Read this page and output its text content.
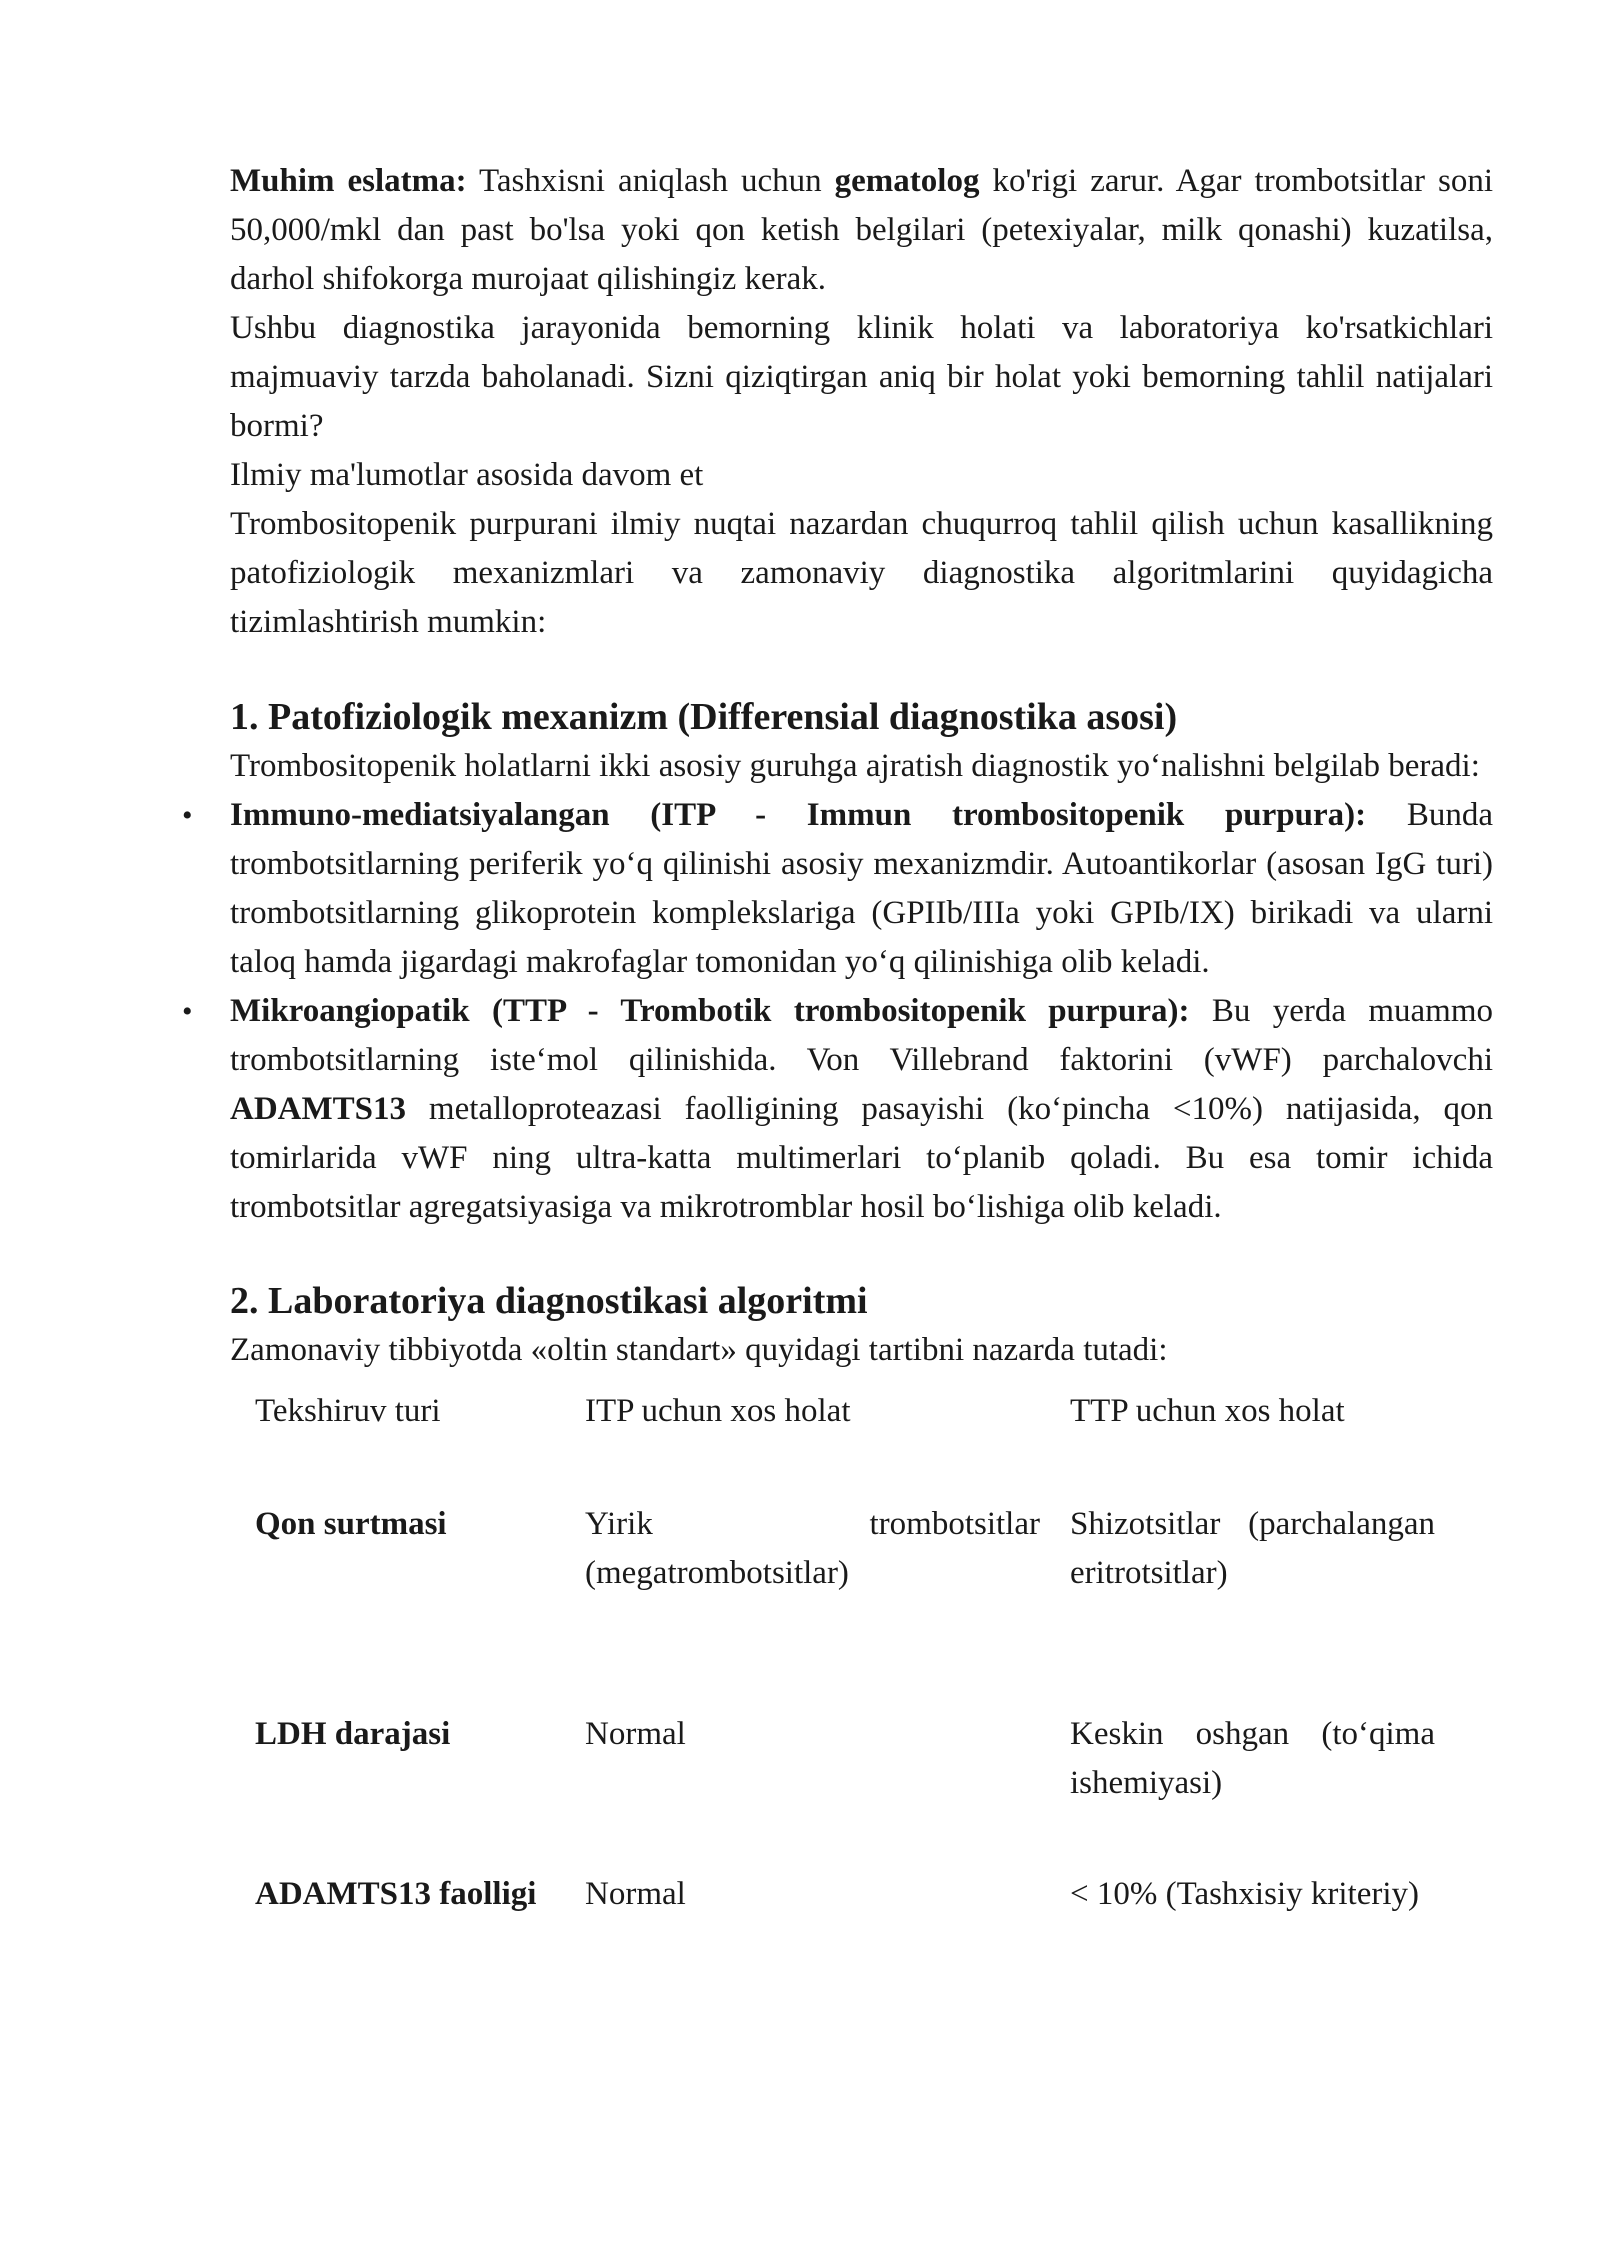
Muhim eslatma: Tashxisni aniqlash uchun gematolog ko'rigi zarur. Agar trombotsitlar soni 50,000/mkl dan past bo'lsa yoki qon ketish belgilari (petexiyalar, milk qonashi) kuzatilsa, darhol shifokorga murojaat qilishingiz kerak.

Ushbu diagnostika jarayonida bemorning klinik holati va laboratoriya ko'rsatkichlari majmuaviy tarzda baholanadi. Sizni qiziqtirgan aniq bir holat yoki bemorning tahlil natijalari bormi?

Ilmiy ma'lumotlar asosida davom et

Trombositopenik purpurani ilmiy nuqtai nazardan chuqurroq tahlil qilish uchun kasallikning patofiziologik mexanizmlari va zamonaviy diagnostika algoritmlarini quyidagicha tizimlashtirish mumkin:

1. Patofiziologik mexanizm (Differensial diagnostika asosi)

Trombositopenik holatlarni ikki asosiy guruhga ajratish diagnostik yo‘nalishni belgilab beradi:

• Immuno-mediatsiyalangan (ITP - Immun trombositopenik purpura): Bunda trombotsitlarning periferik yo‘q qilinishi asosiy mexanizmdir. Autoantikorlar (asosan IgG turi) trombotsitlarning glikoprotein komplekslariga (GPIIb/IIIa yoki GPIb/IX) birikadi va ularni taloq hamda jigardagi makrofaglar tomonidan yo‘q qilinishiga olib keladi.

• Mikroangiopatik (TTP - Trombotik trombositopenik purpura): Bu yerda muammo trombotsitlarning iste‘mol qilinishida. Von Villebrand faktorini (vWF) parchalovchi ADAMTS13 metalloproteazasi faolligining pasayishi (ko‘pincha <10%) natijasida, qon tomirlarida vWF ning ultra-katta multimerlari to‘planib qoladi. Bu esa tomir ichida trombotsitlar agregatsiyasiga va mikrotromblar hosil bo‘lishiga olib keladi.

2. Laboratoriya diagnostikasi algoritmi

Zamonaviy tibbiyotda «oltin standart» quyidagi tartibni nazarda tutadi:

Tekshiruv turi	ITP uchun xos holat	TTP uchun xos holat
Qon surtmasi	Yirik trombotsitlar (megatrombotsitlar)	Shizotsitlar (parchalangan eritrotsitlar)
LDH darajasi	Normal	Keskin oshgan (to‘qima ishemiyasi)
ADAMTS13 faolligi	Normal	< 10% (Tashxisiy kriteriy)
